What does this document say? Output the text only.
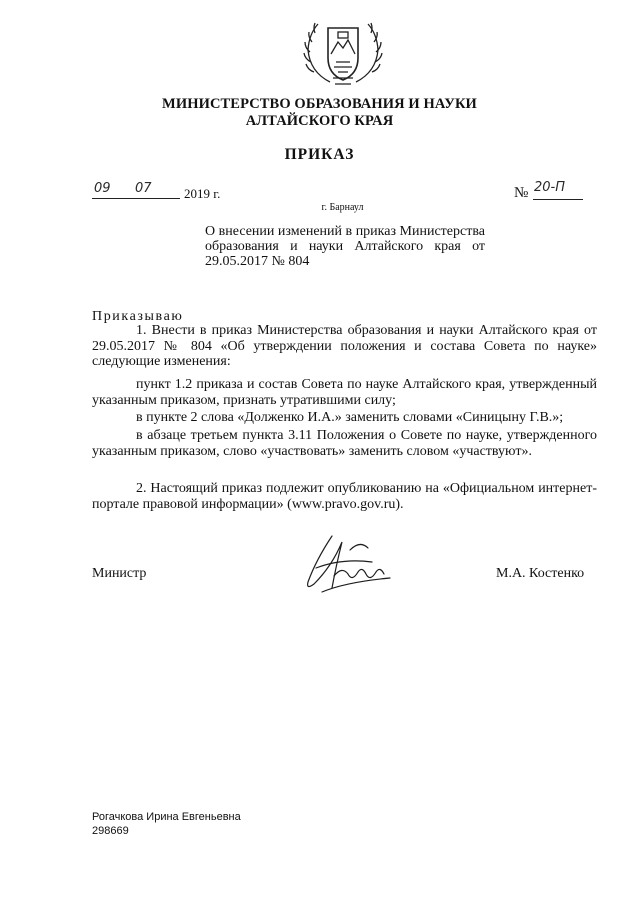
МИНИСТЕРСТВО ОБРАЗОВАНИЯ И НАУКИ
АЛТАЙСКОГО КРАЯ
ПРИКАЗ
09	07	2019 г.	№ 20-П
г. Барнаул
О внесении изменений в приказ Министерства образования и науки Алтайского края от 29.05.2017 № 804
Приказываю
1. Внести в приказ Министерства образования и науки Алтайского края от 29.05.2017 № 804 «Об утверждении положения и состава Совета по науке» следующие изменения:
пункт 1.2 приказа и состав Совета по науке Алтайского края, утвержденный указанным приказом, признать утратившими силу;
в пункте 2 слова «Долженко И.А.» заменить словами «Синицыну Г.В.»;
в абзаце третьем пункта 3.11 Положения о Совете по науке, утвержденного указанным приказом, слово «участвовать» заменить словом «участвуют».
2. Настоящий приказ подлежит опубликованию на «Официальном интернет-портале правовой информации» (www.pravo.gov.ru).
Министр	М.А. Костенко
Рогачкова Ирина Евгеньевна
298669
